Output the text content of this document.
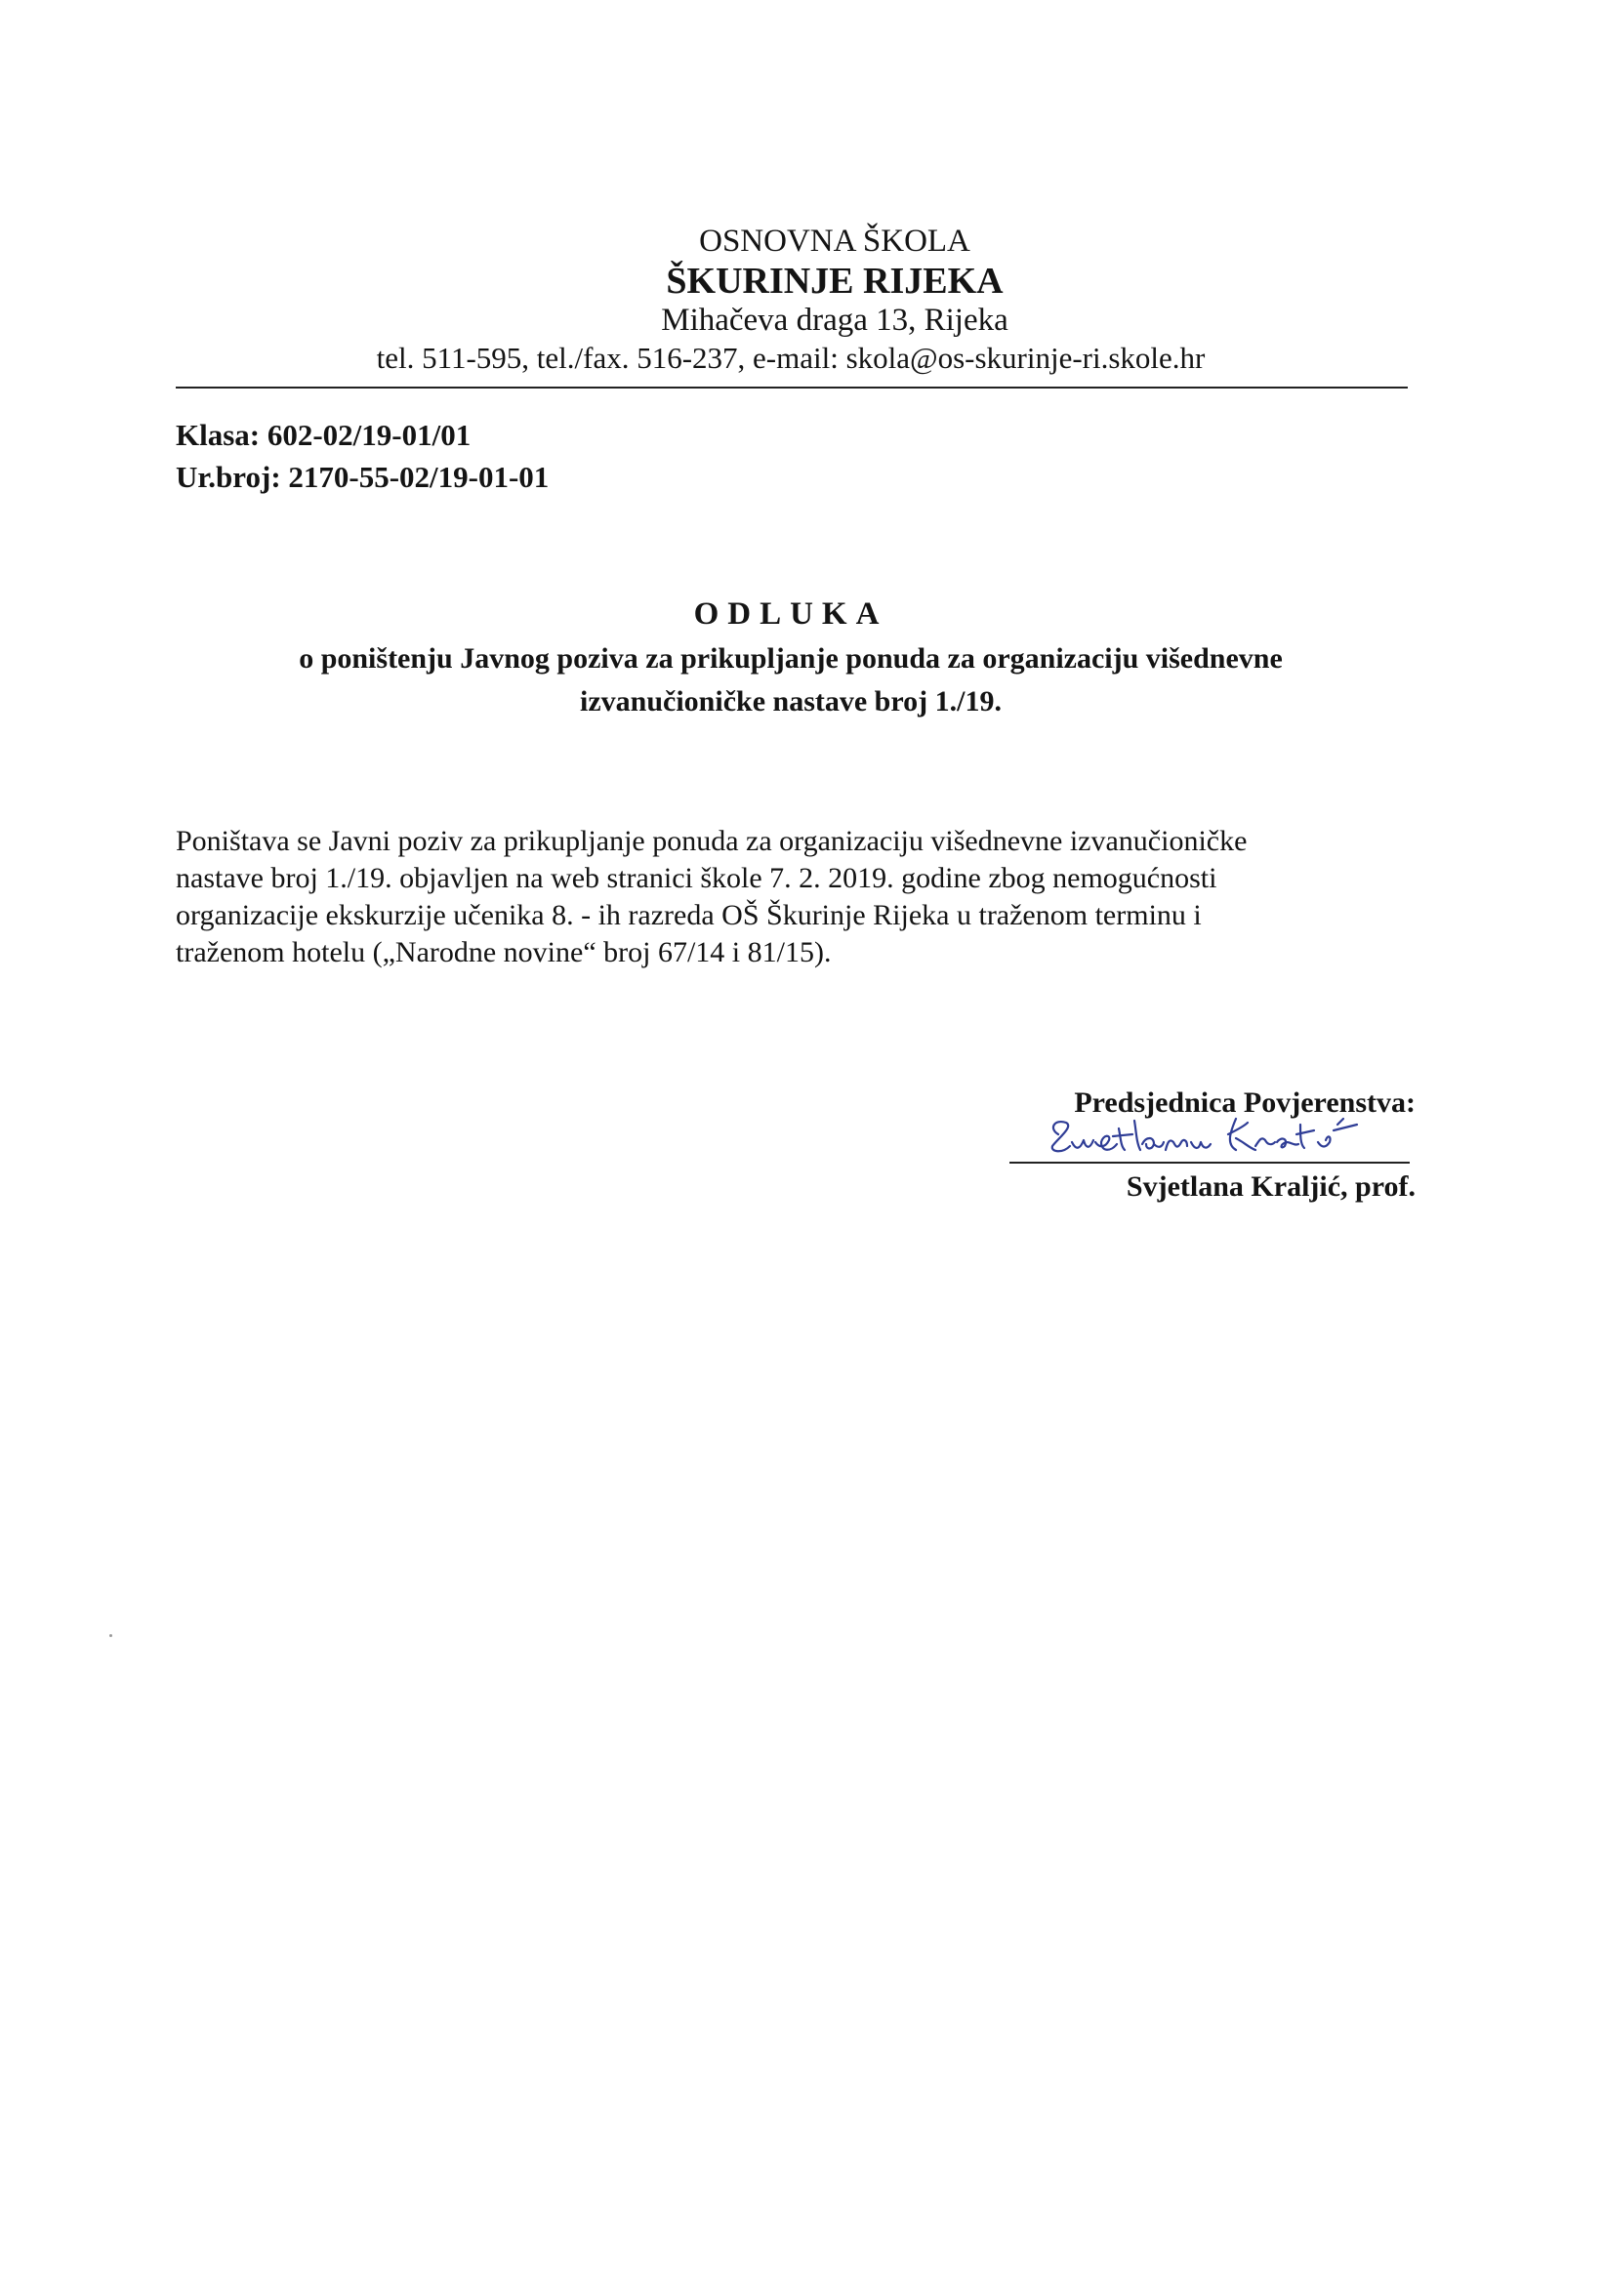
OSNOVNA ŠKOLA
ŠKURINJE RIJEKA
Mihačeva draga 13, Rijeka
tel. 511-595, tel./fax. 516-237, e-mail: skola@os-skurinje-ri.skole.hr
Klasa: 602-02/19-01/01
Ur.broj: 2170-55-02/19-01-01
ODLUKA
o poništenju Javnog poziva za prikupljanje ponuda za organizaciju višednevne
izvanučioničke nastave broj 1./19.
Poništava se Javni poziv za prikupljanje ponuda za organizaciju višednevne izvanučioničke
nastave broj 1./19. objavljen na web stranici škole 7. 2. 2019. godine zbog nemogućnosti
organizacije ekskurzije učenika 8. - ih razreda OŠ Škurinje Rijeka u traženom terminu i
traženom hotelu („Narodne novine“ broj 67/14 i 81/15).
Predsjednica Povjerenstva:
Svjetlana Kraljić, prof.
